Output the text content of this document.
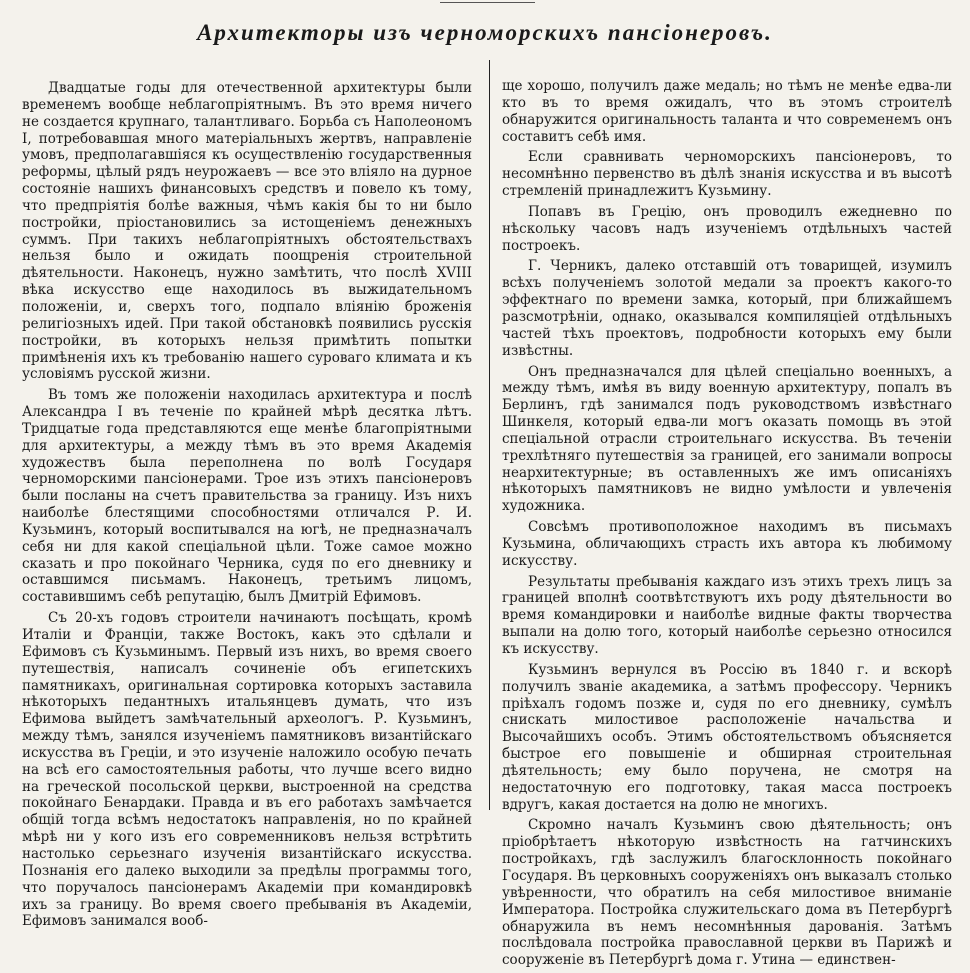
Архитекторы изъ черноморскихъ пансіонеровъ.

Двадцатые годы для отечественной архитектуры были временемъ вообще неблагопріятнымъ. Въ это время ничего не создается крупнаго, талантливаго. Борьба съ Наполеономъ I, потребовавшая много матеріальныхъ жертвъ, направленіе умовъ, предполагавшіяся къ осуществленію государственныя реформы, цѣлый рядъ неурожаевъ — все это вліяло на дурное состояніе нашихъ финансовыхъ средствъ и повело къ тому, что предпріятія болѣе важныя, чѣмъ какія бы то ни было постройки, пріостановились за истощеніемъ денежныхъ суммъ. При такихъ неблагопріятныхъ обстоятельствахъ нельзя было и ожидать поощренія строительной дѣятельности. Наконецъ, нужно замѣтить, что послѣ XVIII вѣка искусство еще находилось въ выжидательномъ положеніи, и, сверхъ того, подпало вліянію броженія религіозныхъ идей. При такой обстановкѣ появились русскія постройки, въ которыхъ нельзя примѣтить попытки примѣненія ихъ къ требованію нашего суроваго климата и къ условіямъ русской жизни.

Въ томъ же положеніи находилась архитектура и послѣ Александра I въ теченіе по крайней мѣрѣ десятка лѣтъ. Тридцатые года представляются еще менѣе благопріятными для архитектуры, а между тѣмъ въ это время Академія художествъ была переполнена по волѣ Государя черноморскими пансіонерами. Трое изъ этихъ пансіонеровъ были посланы на счетъ правительства за границу. Изъ нихъ наиболѣе блестящими способностями отличался Р. И. Кузьминъ, который воспитывался на югѣ, не предназначалъ себя ни для какой спеціальной цѣли. Тоже самое можно сказать и про покойнаго Черника, судя по его дневнику и оставшимся письмамъ. Наконецъ, третьимъ лицомъ, составившимъ себѣ репутацію, былъ Дмитрій Ефимовъ.

Съ 20-хъ годовъ строители начинаютъ посѣщать, кромѣ Италіи и Франціи, также Востокъ, какъ это сдѣлали и Ефимовъ съ Кузьминымъ. Первый изъ нихъ, во время своего путешествія, написалъ сочиненіе объ египетскихъ памятникахъ, оригинальная сортировка которыхъ заставила нѣкоторыхъ педантныхъ итальянцевъ думать, что изъ Ефимова выйдетъ замѣчательный археологъ. Р. Кузьминъ, между тѣмъ, занялся изученіемъ памятниковъ византійскаго искусства въ Греціи, и это изученіе наложило особую печать на всѣ его самостоятельныя работы, что лучше всего видно на греческой посольской церкви, выстроенной на средства покойнаго Бенардаки. Правда и въ его работахъ замѣчается общій тогда всѣмъ недостатокъ направленія, но по крайней мѣрѣ ни у кого изъ его современниковъ нельзя встрѣтить настолько серьезнаго изученія византійскаго искусства. Познанія его далеко выходили за предѣлы программы того, что поручалось пансіонерамъ Академіи при командировкѣ ихъ за границу. Во время своего пребыванія въ Академіи, Ефимовъ занимался вооб-

ще хорошо, получилъ даже медаль; но тѣмъ не менѣе едва-ли кто въ то время ожидалъ, что въ этомъ строителѣ обнаружится оригинальность таланта и что современемъ онъ составитъ себѣ имя.

Если сравнивать черноморскихъ пансіонеровъ, то несомнѣнно первенство въ дѣлѣ знанія искусства и въ высотѣ стремленій принадлежитъ Кузьмину.

Попавъ въ Грецію, онъ проводилъ ежедневно по нѣскольку часовъ надъ изученіемъ отдѣльныхъ частей построекъ.

Г. Черникъ, далеко отставшій отъ товарищей, изумилъ всѣхъ полученіемъ золотой медали за проектъ какого-то эффектнаго по времени замка, который, при ближайшемъ разсмотрѣніи, однако, оказывался компиляціей отдѣльныхъ частей тѣхъ проектовъ, подробности которыхъ ему были извѣстны.

Онъ предназначался для цѣлей спеціально военныхъ, а между тѣмъ, имѣя въ виду военную архитектуру, попалъ въ Берлинъ, гдѣ занимался подъ руководствомъ извѣстнаго Шинкеля, который едва-ли могъ оказать помощь въ этой спеціальной отрасли строительнаго искусства. Въ теченіи трехлѣтняго путешествія за границей, его занимали вопросы неархитектурные; въ оставленныхъ же имъ описаніяхъ нѣкоторыхъ памятниковъ не видно умѣлости и увлеченія художника.

Совсѣмъ противоположное находимъ въ письмахъ Кузьмина, обличающихъ страсть ихъ автора къ любимому искусству.

Результаты пребыванія каждаго изъ этихъ трехъ лицъ за границей вполнѣ соотвѣтствуютъ ихъ роду дѣятельности во время командировки и наиболѣе видные факты творчества выпали на долю того, который наиболѣе серьезно относился къ искусству.

Кузьминъ вернулся въ Россію въ 1840 г. и вскорѣ получилъ званіе академика, а затѣмъ профессору. Черникъ пріѣхалъ годомъ позже и, судя по его дневнику, сумѣлъ снискать милостивое расположеніе начальства и Высочайшихъ особъ. Этимъ обстоятельствомъ объясняется быстрое его повышеніе и обширная строительная дѣятельность; ему было поручена, не смотря на недостаточную его подготовку, такая масса построекъ вдругъ, какая достается на долю не многихъ.

Скромно началъ Кузьминъ свою дѣятельность; онъ пріобрѣтаетъ нѣкоторую извѣстность на гатчинскихъ постройкахъ, гдѣ заслужилъ благосклонность покойнаго Государя. Въ церковныхъ сооруженіяхъ онъ выказалъ столько увѣренности, что обратилъ на себя милостивое вниманіе Императора. Постройка служительскаго дома въ Петербургѣ обнаружила въ немъ несомнѣнныя дарованія. Затѣмъ послѣдовала постройка православной церкви въ Парижѣ и сооруженіе въ Петербургѣ дома г. Утина — единствен-
